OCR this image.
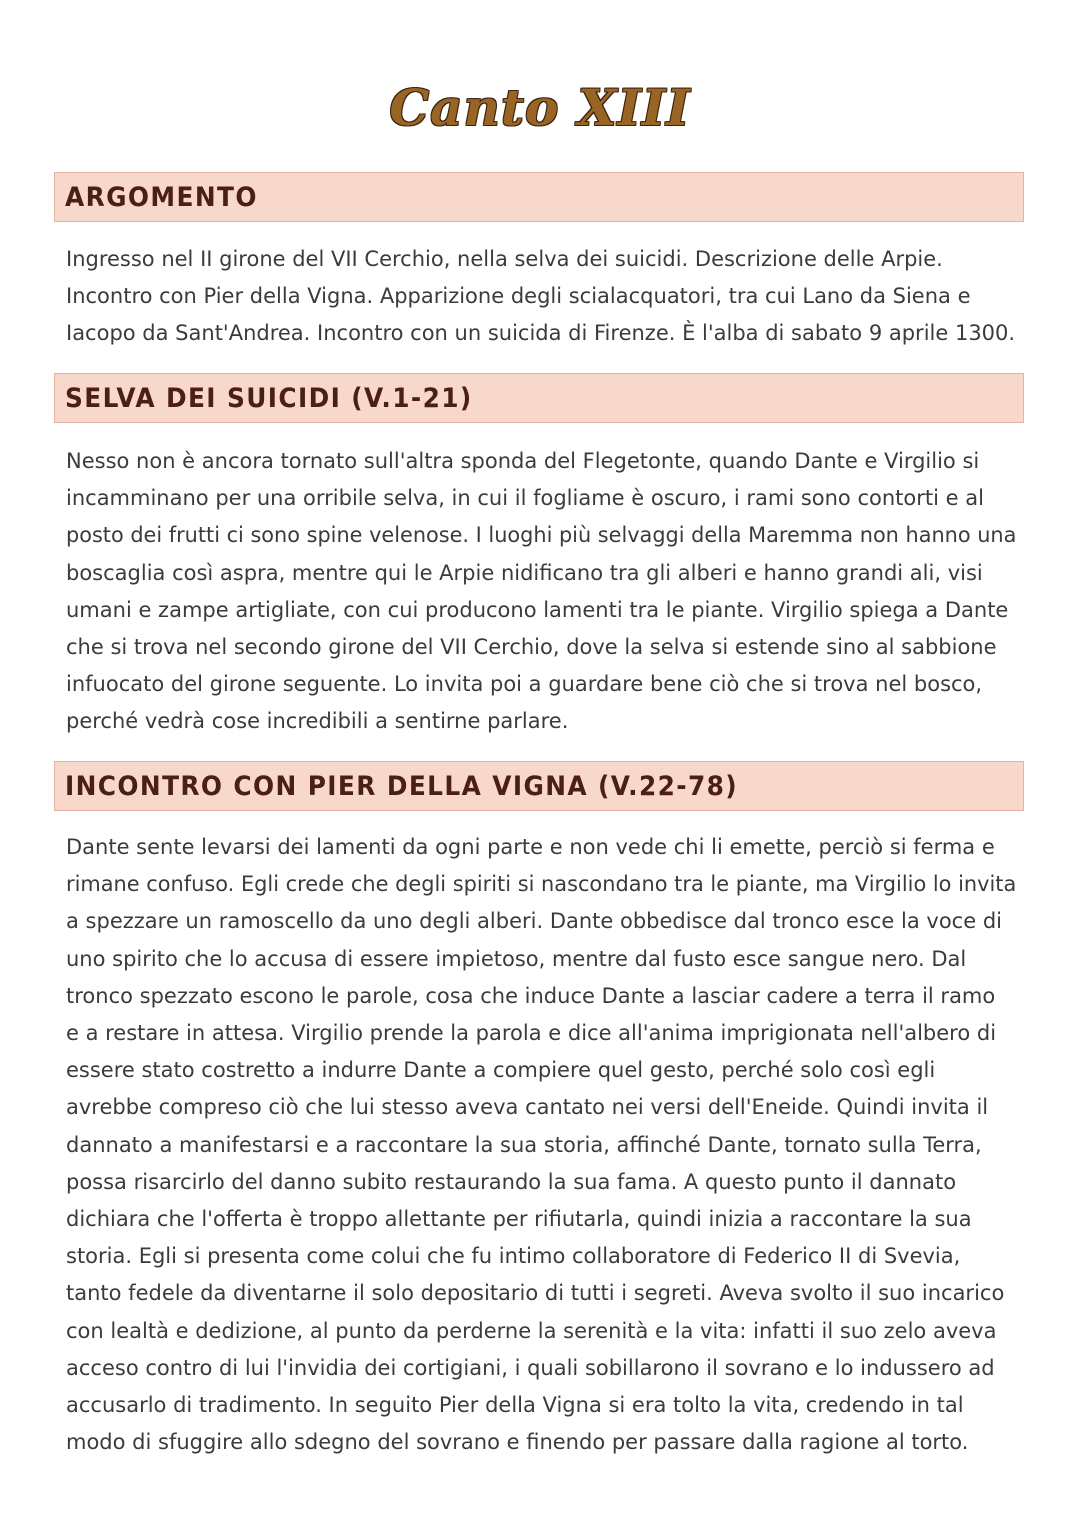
Canto XIII
ARGOMENTO
Ingresso nel II girone del VII Cerchio, nella selva dei suicidi. Descrizione delle Arpie.
Incontro con Pier della Vigna. Apparizione degli scialacquatori, tra cui Lano da Siena e
Iacopo da Sant'Andrea. Incontro con un suicida di Firenze. È l'alba di sabato 9 aprile 1300.
SELVA DEI SUICIDI (V.1-21)
Nesso non è ancora tornato sull'altra sponda del Flegetonte, quando Dante e Virgilio si
incamminano per una orribile selva, in cui il fogliame è oscuro, i rami sono contorti e al
posto dei frutti ci sono spine velenose. I luoghi più selvaggi della Maremma non hanno una
boscaglia così aspra, mentre qui le Arpie nidificano tra gli alberi e hanno grandi ali, visi
umani e zampe artigliate, con cui producono lamenti tra le piante. Virgilio spiega a Dante
che si trova nel secondo girone del VII Cerchio, dove la selva si estende sino al sabbione
infuocato del girone seguente. Lo invita poi a guardare bene ciò che si trova nel bosco,
perché vedrà cose incredibili a sentirne parlare.
INCONTRO CON PIER DELLA VIGNA (V.22-78)
Dante sente levarsi dei lamenti da ogni parte e non vede chi li emette, perciò si ferma e
rimane confuso. Egli crede che degli spiriti si nascondano tra le piante, ma Virgilio lo invita
a spezzare un ramoscello da uno degli alberi. Dante obbedisce dal tronco esce la voce di
uno spirito che lo accusa di essere impietoso, mentre dal fusto esce sangue nero. Dal
tronco spezzato escono le parole, cosa che induce Dante a lasciar cadere a terra il ramo
e a restare in attesa. Virgilio prende la parola e dice all'anima imprigionata nell'albero di
essere stato costretto a indurre Dante a compiere quel gesto, perché solo così egli
avrebbe compreso ciò che lui stesso aveva cantato nei versi dell'Eneide. Quindi invita il
dannato a manifestarsi e a raccontare la sua storia, affinché Dante, tornato sulla Terra,
possa risarcirlo del danno subito restaurando la sua fama. A questo punto il dannato
dichiara che l'offerta è troppo allettante per rifiutarla, quindi inizia a raccontare la sua
storia. Egli si presenta come colui che fu intimo collaboratore di Federico II di Svevia,
tanto fedele da diventarne il solo depositario di tutti i segreti. Aveva svolto il suo incarico
con lealtà e dedizione, al punto da perderne la serenità e la vita: infatti il suo zelo aveva
acceso contro di lui l'invidia dei cortigiani, i quali sobillarono il sovrano e lo indussero ad
accusarlo di tradimento. In seguito Pier della Vigna si era tolto la vita, credendo in tal
modo di sfuggire allo sdegno del sovrano e finendo per passare dalla ragione al torto.
